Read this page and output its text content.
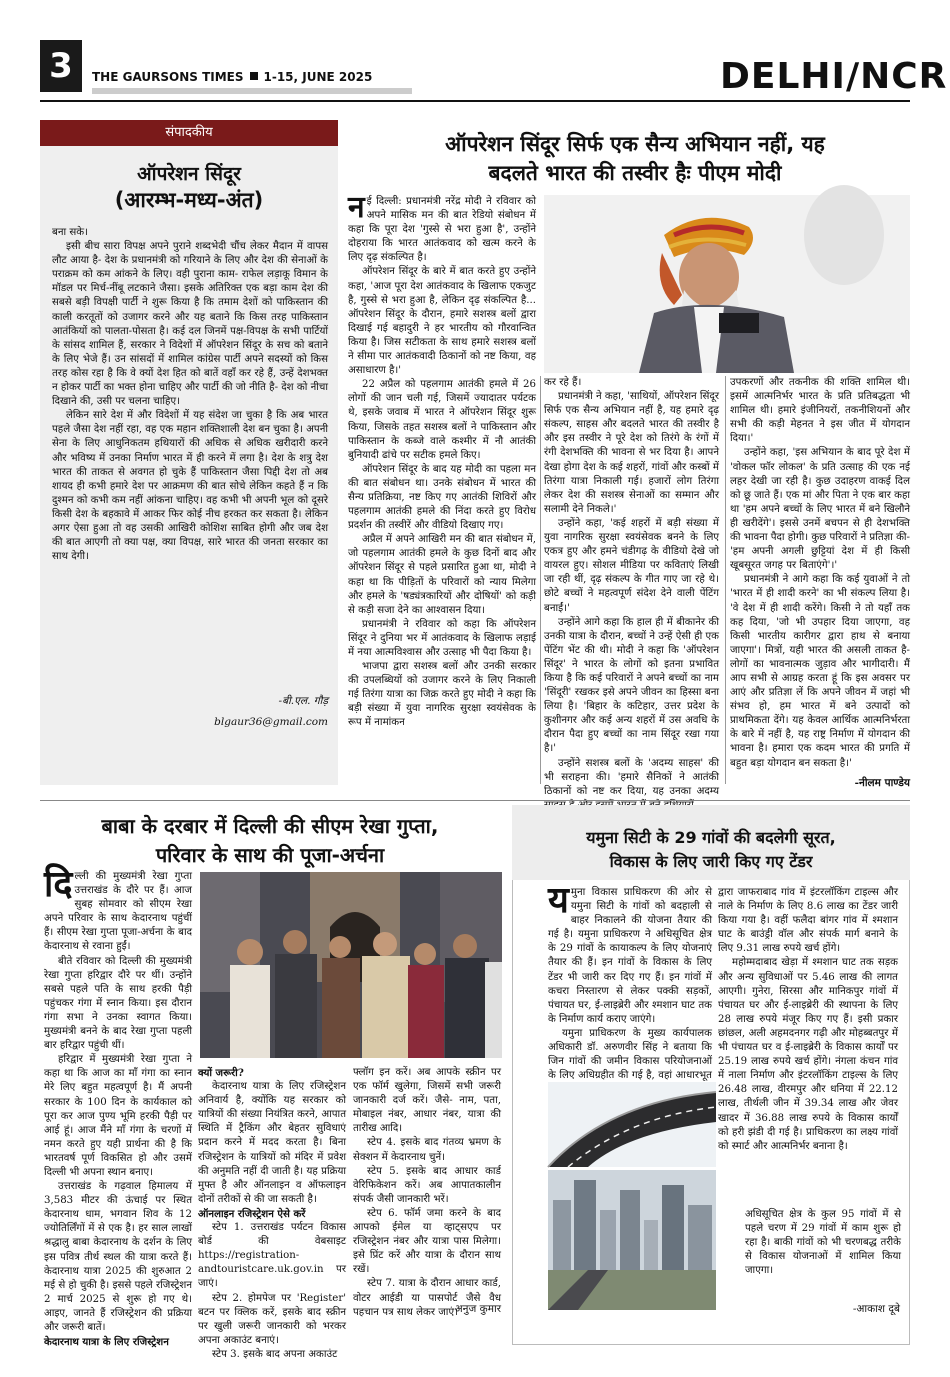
3	THE GAURSONS TIMES 1-15, JUNE 2025	DELHI/NCR
संपादकीय
ऑपरेशन सिंदूर
(आरम्भ-मध्य-अंत)

बना सके।

इसी बीच सारा विपक्ष अपने पुराने शब्दभेदी चौंच लेकर मैदान में वापस लौट आया है- देश के प्रधानमंत्री को गरियाने के लिए और देश की सेनाओं के पराक्रम को कम आंकने के लिए। वही पुराना काम- राफेल लड़ाकू विमान के मॉडल पर मिर्च-नींबू लटकाने जैसा। इसके अतिरिक्त एक बड़ा काम देश की सबसे बड़ी विपक्षी पार्टी ने शुरू किया है कि तमाम देशों को पाकिस्तान की काली करतूतों को उजागर करने और यह बताने कि किस तरह पाकिस्तान आतंकियों को पालता-पोसता है। कई दल जिनमें पक्ष-विपक्ष के सभी पार्टियों के सांसद शामिल हैं, सरकार ने विदेशों में ऑपरेशन सिंदूर के सच को बताने के लिए भेजे हैं। उन सांसदों में शामिल कांग्रेस पार्टी अपने सदस्यों को किस तरह कोस रहा है कि वे क्यों देश हित को बातें वहाँ कर रहे हैं, उन्हें देशभक्त न होकर पार्टी का भक्त होना चाहिए और पार्टी की जो नीति है- देश को नीचा दिखाने की, उसी पर चलना चाहिए।

लेकिन सारे देश में और विदेशों में यह संदेश जा चुका है कि अब भारत पहले जैसा देश नहीं रहा, वह एक महान शक्तिशाली देश बन चुका है। अपनी सेना के लिए आधुनिकतम हथियारों की अधिक से अधिक खरीदारी करने और भविष्य में उनका निर्माण भारत में ही करने में लगा है। देश के शत्रु देश भारत की ताकत से अवगत हो चुके हैं पाकिस्तान जैसा पिद्दी देश तो अब शायद ही कभी हमारे देश पर आक्रमण की बात सोचे लेकिन कहते हैं न कि दुश्मन को कभी कम नहीं आंकना चाहिए। वह कभी भी अपनी भूल को दूसरे किसी देश के बहकावे में आकर फिर कोई नीच हरकत कर सकता है। लेकिन अगर ऐसा हुआ तो वह उसकी आखिरी कोशिश साबित होगी और जब देश की बात आएगी तो क्या पक्ष, क्या विपक्ष, सारे भारत की जनता सरकार का साथ देगी।

-बी.एल. गौड़
blgaur36@gmail.com
ऑपरेशन सिंदूर सिर्फ एक सैन्य अभियान नहीं, यह
बदलते भारत की तस्वीर हैः पीएम मोदी

नई दिल्ली: प्रधानमंत्री नरेंद्र मोदी ने रविवार को अपने मासिक मन की बात रेडियो संबोधन में कहा कि पूरा देश 'गुस्से से भरा हुआ है', उन्होंने दोहराया कि भारत आतंकवाद को खत्म करने के लिए दृढ़ संकल्पित है।

ऑपरेशन सिंदूर के बारे में बात करते हुए उन्होंने कहा, 'आज पूरा देश आतंकवाद के खिलाफ एकजुट है, गुस्से से भरा हुआ है, लेकिन दृढ़ संकल्पित है... ऑपरेशन सिंदूर के दौरान, हमारे सशस्त्र बलों द्वारा दिखाई गई बहादुरी ने हर भारतीय को गौरवान्वित किया है। जिस सटीकता के साथ हमारे सशस्त्र बलों ने सीमा पार आतंकवादी ठिकानों को नष्ट किया, वह असाधारण है।'

22 अप्रैल को पहलगाम आतंकी हमले में 26 लोगों की जान चली गई, जिसमें ज्यादातर पर्यटक थे, इसके जवाब में भारत ने ऑपरेशन सिंदूर शुरू किया, जिसके तहत सशस्त्र बलों ने पाकिस्तान और पाकिस्तान के कब्जे वाले कश्मीर में नौ आतंकी बुनियादी ढांचे पर सटीक हमले किए।

ऑपरेशन सिंदूर के बाद यह मोदी का पहला मन की बात संबोधन था। उनके संबोधन में भारत की सैन्य प्रतिक्रिया, नष्ट किए गए आतंकी शिविरों और पहलगाम आतंकी हमले की निंदा करते हुए विरोध प्रदर्शन की तस्वीरें और वीडियो दिखाए गए।

अप्रैल में अपने आखिरी मन की बात संबोधन में, जो पहलगाम आतंकी हमले के कुछ दिनों बाद और ऑपरेशन सिंदूर से पहले प्रसारित हुआ था, मोदी ने कहा था कि पीड़ितों के परिवारों को न्याय मिलेगा और हमले के 'षड्यंत्रकारियों और दोषियों' को कड़ी से कड़ी सजा देने का आश्वासन दिया।

प्रधानमंत्री ने रविवार को कहा कि ऑपरेशन सिंदूर ने दुनिया भर में आतंकवाद के खिलाफ लड़ाई में नया आत्मविश्वास और उत्साह भी पैदा किया है।

भाजपा द्वारा सशस्त्र बलों और उनकी सरकार की उपलब्धियों को उजागर करने के लिए निकाली गई तिरंगा यात्रा का जिक्र करते हुए मोदी ने कहा कि बड़ी संख्या में युवा नागरिक सुरक्षा स्वयंसेवक के रूप में नामांकन

कर रहे हैं।

प्रधानमंत्री ने कहा, 'साथियों, ऑपरेशन सिंदूर सिर्फ एक सैन्य अभियान नहीं है, यह हमारे दृढ़ संकल्प, साहस और बदलते भारत की तस्वीर है और इस तस्वीर ने पूरे देश को तिरंगे के रंगों में रंगी देशभक्ति की भावना से भर दिया है। आपने देखा होगा देश के कई शहरों, गांवों और कस्बों में तिरंगा यात्रा निकाली गई। हजारों लोग तिरंगा लेकर देश की सशस्त्र सेनाओं का सम्मान और सलामी देने निकले।'

उन्होंने कहा, 'कई शहरों में बड़ी संख्या में युवा नागरिक सुरक्षा स्वयंसेवक बनने के लिए एकत्र हुए और हमने चंडीगढ़ के वीडियो देखे जो वायरल हुए। सोशल मीडिया पर कविताएं लिखी जा रही थीं, दृढ़ संकल्प के गीत गाए जा रहे थे। छोटे बच्चों ने महत्वपूर्ण संदेश देने वाली पेंटिंग बनाईं।'

उन्होंने आगे कहा कि हाल ही में बीकानेर की उनकी यात्रा के दौरान, बच्चों ने उन्हें ऐसी ही एक पेंटिंग भेंट की थी। मोदी ने कहा कि 'ऑपरेशन सिंदूर' ने भारत के लोगों को इतना प्रभावित किया है कि कई परिवारों ने अपने बच्चों का नाम 'सिंदूरी' रखकर इसे अपने जीवन का हिस्सा बना लिया है। 'बिहार के कटिहार, उत्तर प्रदेश के कुशीनगर और कई अन्य शहरों में उस अवधि के दौरान पैदा हुए बच्चों का नाम सिंदूर रखा गया है।'

उन्होंने सशस्त्र बलों के 'अदम्य साहस' की भी सराहना की। 'हमारे सैनिकों ने आतंकी ठिकानों को नष्ट कर दिया, यह उनका अदम्य

उपकरणों और तकनीक की शक्ति शामिल थी। इसमें आत्मनिर्भर भारत के प्रति प्रतिबद्धता भी शामिल थी। हमारे इंजीनियरों, तकनीशियनों और सभी की कड़ी मेहनत ने इस जीत में योगदान दिया।'

उन्होंने कहा, 'इस अभियान के बाद पूरे देश में 'वोकल फॉर लोकल' के प्रति उत्साह की एक नई लहर देखी जा रही है। कुछ उदाहरण वाकई दिल को छू जाते हैं। एक मां और पिता ने एक बार कहा था 'हम अपने बच्चों के लिए भारत में बने खिलौने ही खरीदेंगे'। इससे उनमें बचपन से ही देशभक्ति की भावना पैदा होगी। कुछ परिवारों ने प्रतिज्ञा की- 'हम अपनी अगली छुट्टियां देश में ही किसी खूबसूरत जगह पर बिताएंगे'।'

प्रधानमंत्री ने आगे कहा कि कई युवाओं ने तो 'भारत में ही शादी करने' का भी संकल्प लिया है। 'वे देश में ही शादी करेंगे। किसी ने तो यहाँ तक कह दिया, 'जो भी उपहार दिया जाएगा, वह किसी भारतीय कारीगर द्वारा हाथ से बनाया जाएगा'। मित्रों, यही भारत की असली ताकत है- लोगों का भावनात्मक जुड़ाव और भागीदारी। मैं आप सभी से आग्रह करता हूं कि इस अवसर पर आएं और प्रतिज्ञा लें कि अपने जीवन में जहां भी संभव हो, हम भारत में बने उत्पादों को प्राथमिकता देंगे। यह केवल आर्थिक आत्मनिर्भरता के बारे में नहीं है, यह राष्ट्र निर्माण में योगदान की भावना है। हमारा एक कदम भारत की प्रगति में बहुत बड़ा योगदान बन सकता है।'

-नीलम पाण्डेय
बाबा के दरबार में दिल्ली की सीएम रेखा गुप्ता,
परिवार के साथ की पूजा-अर्चना

दिल्ली की मुख्यमंत्री रेखा गुप्ता उत्तराखंड के दौरे पर हैं। आज सुबह सोमवार को सीएम रेखा अपने परिवार के साथ केदारनाथ पहुंचीं हैं। सीएम रेखा गुप्ता पूजा-अर्चना के बाद केदारनाथ से रवाना हुईं।

बीते रविवार को दिल्ली की मुख्यमंत्री रेखा गुप्ता हरिद्वार दौरे पर थीं। उन्होंने सबसे पहले पति के साथ हरकी पैड़ी पहुंचकर गंगा में स्नान किया। इस दौरान गंगा सभा ने उनका स्वागत किया। मुख्यमंत्री बनने के बाद रेखा गुप्ता पहली बार हरिद्वार पहुंची थीं।

हरिद्वार में मुख्यमंत्री रेखा गुप्ता ने कहा था कि आज का माँ गंगा का स्नान मेरे लिए बहुत महत्वपूर्ण है। मैं अपनी सरकार के 100 दिन के कार्यकाल को पूरा कर आज पुण्य भूमि हरकी पैड़ी पर आई हूं। आज मैंने माँ गंगा के चरणों में नमन करते हुए यही प्रार्थना की है कि भारतवर्ष पूर्ण विकसित हो और उसमें दिल्ली भी अपना स्थान बनाए।

उत्तराखंड के गढ़वाल हिमालय में 3,583 मीटर की ऊंचाई पर स्थित केदारनाथ धाम, भगवान शिव के 12 ज्योतिर्लिंगों में से एक है। हर साल लाखों श्रद्धालु बाबा केदारनाथ के दर्शन के लिए इस पवित्र तीर्थ स्थल की यात्रा करते हैं। केदारनाथ यात्रा 2025 की शुरुआत 2 मई से हो चुकी है। इससे पहले रजिस्ट्रेशन 2 मार्च 2025 से शुरू हो गए थे। आइए, जानते हैं रजिस्ट्रेशन की प्रक्रिया और जरूरी बातें।

केदारनाथ यात्रा के लिए रजिस्ट्रेशन

क्यों जरूरी?

केदारनाथ यात्रा के लिए रजिस्ट्रेशन अनिवार्य है, क्योंकि यह सरकार को यात्रियों की संख्या नियंत्रित करने, आपात स्थिति में ट्रैकिंग और बेहतर सुविधाएं प्रदान करने में मदद करता है। बिना रजिस्ट्रेशन के यात्रियों को मंदिर में प्रवेश की अनुमति नहीं दी जाती है। यह प्रक्रिया मुफ्त है और ऑनलाइन व ऑफलाइन दोनों तरीकों से की जा सकती है।

ऑनलाइन रजिस्ट्रेशन ऐसे करें

स्टेप 1. उत्तराखंड पर्यटन विकास बोर्ड की वेबसाइट https://registration-andtouristcare.uk.gov.in पर जाएं।

स्टेप 2. होमपेज पर 'Register' बटन पर क्लिक करें, इसके बाद स्क्रीन पर खुली जरूरी जानकारी को भरकर अपना अकाउंट बनाएं।

स्टेप 3. इसके बाद अपना अकाउंट

फ्लॉग इन करें। अब आपके स्क्रीन पर एक फॉर्म खुलेगा, जिसमें सभी जरूरी जानकारी दर्ज करें। जैसे- नाम, पता, मोबाइल नंबर, आधार नंबर, यात्रा की तारीख आदि।

स्टेप 4. इसके बाद गंतव्य भ्रमण के सेक्शन में केदारनाथ चुनें।

स्टेप 5. इसके बाद आधार कार्ड वेरिफिकेशन करें। अब आपातकालीन संपर्क जैसी जानकारी भरें।

स्टेप 6. फॉर्म जमा करने के बाद आपको ईमेल या व्हाट्सएप पर रजिस्ट्रेशन नंबर और यात्रा पास मिलेगा। इसे प्रिंट करें और यात्रा के दौरान साथ रखें।

स्टेप 7. यात्रा के दौरान आधार कार्ड, वोटर आईडी या पासपोर्ट जैसे वैध पहचान पत्र साथ लेकर जाएं।

-अनुज कुमार
यमुना सिटी के 29 गांवों की बदलेगी सूरत,
विकास के लिए जारी किए गए टेंडर

यमुना विकास प्राधिकरण की ओर से यमुना सिटी के गांवों को बदहाली से बाहर निकालने की योजना तैयार की गई है। यमुना प्राधिकरण ने अधिसूचित क्षेत्र के 29 गांवों के कायाकल्प के लिए योजनाएं तैयार की हैं। इन गांवों के विकास के लिए टेंडर भी जारी कर दिए गए हैं। इन गांवों में कचरा निस्तारण से लेकर पक्की सड़कों, पंचायत घर, ई-लाइब्रेरी और श्मशान घाट तक के निर्माण कार्य कराए जाएंगे।

यमुना प्राधिकरण के मुख्य कार्यपालक अधिकारी डॉ. अरुणवीर सिंह ने बताया कि जिन गांवों की जमीन विकास परियोजनाओं के लिए अधिग्रहीत की गई है, वहां आधारभूत

द्वारा जाफराबाद गांव में इंटरलॉकिंग टाइल्स और नाले के निर्माण के लिए 8.6 लाख का टेंडर जारी किया गया है। वहीं फलैदा बांगर गांव में श्मशान घाट के बाउंड्री वॉल और संपर्क मार्ग बनाने के लिए 9.31 लाख रुपये खर्च होंगे।

महोम्मदाबाद खेड़ा में श्मशान घाट तक सड़क और अन्य सुविधाओं पर 5.46 लाख की लागत आएगी। गुनेरा, सिरसा और मानिकपुर गांवों में पंचायत घर और ई-लाइब्रेरी की स्थापना के लिए 28 लाख रुपये मंजूर किए गए हैं। इसी प्रकार छांछल, अली अहमदनगर गढ़ी और मोहब्बतपुर में भी पंचायत घर व ई-लाइब्रेरी के विकास कार्यों पर 25.19 लाख रुपये खर्च होंगे। नंगला कंचन गांव में नाला निर्माण और इंटरलॉकिंग टाइल्स के लिए 26.48 लाख, वीरमपुर और धनिया में 22.12 लाख, तीर्थली जीन में 39.34 लाख और जेवर खादर में 36.88 लाख रुपये के विकास कार्यों को हरी झंडी दी गई है। प्राधिकरण का लक्ष्य गांवों को स्मार्ट और आत्मनिर्भर बनाना है।

अधिसूचित क्षेत्र के कुल 95 गांवों में से पहले चरण में 29 गांवों में काम शुरू हो रहा है। बाकी गांवों को भी चरणबद्ध तरीके से विकास योजनाओं में शामिल किया जाएगा।

-आकाश दूबे
